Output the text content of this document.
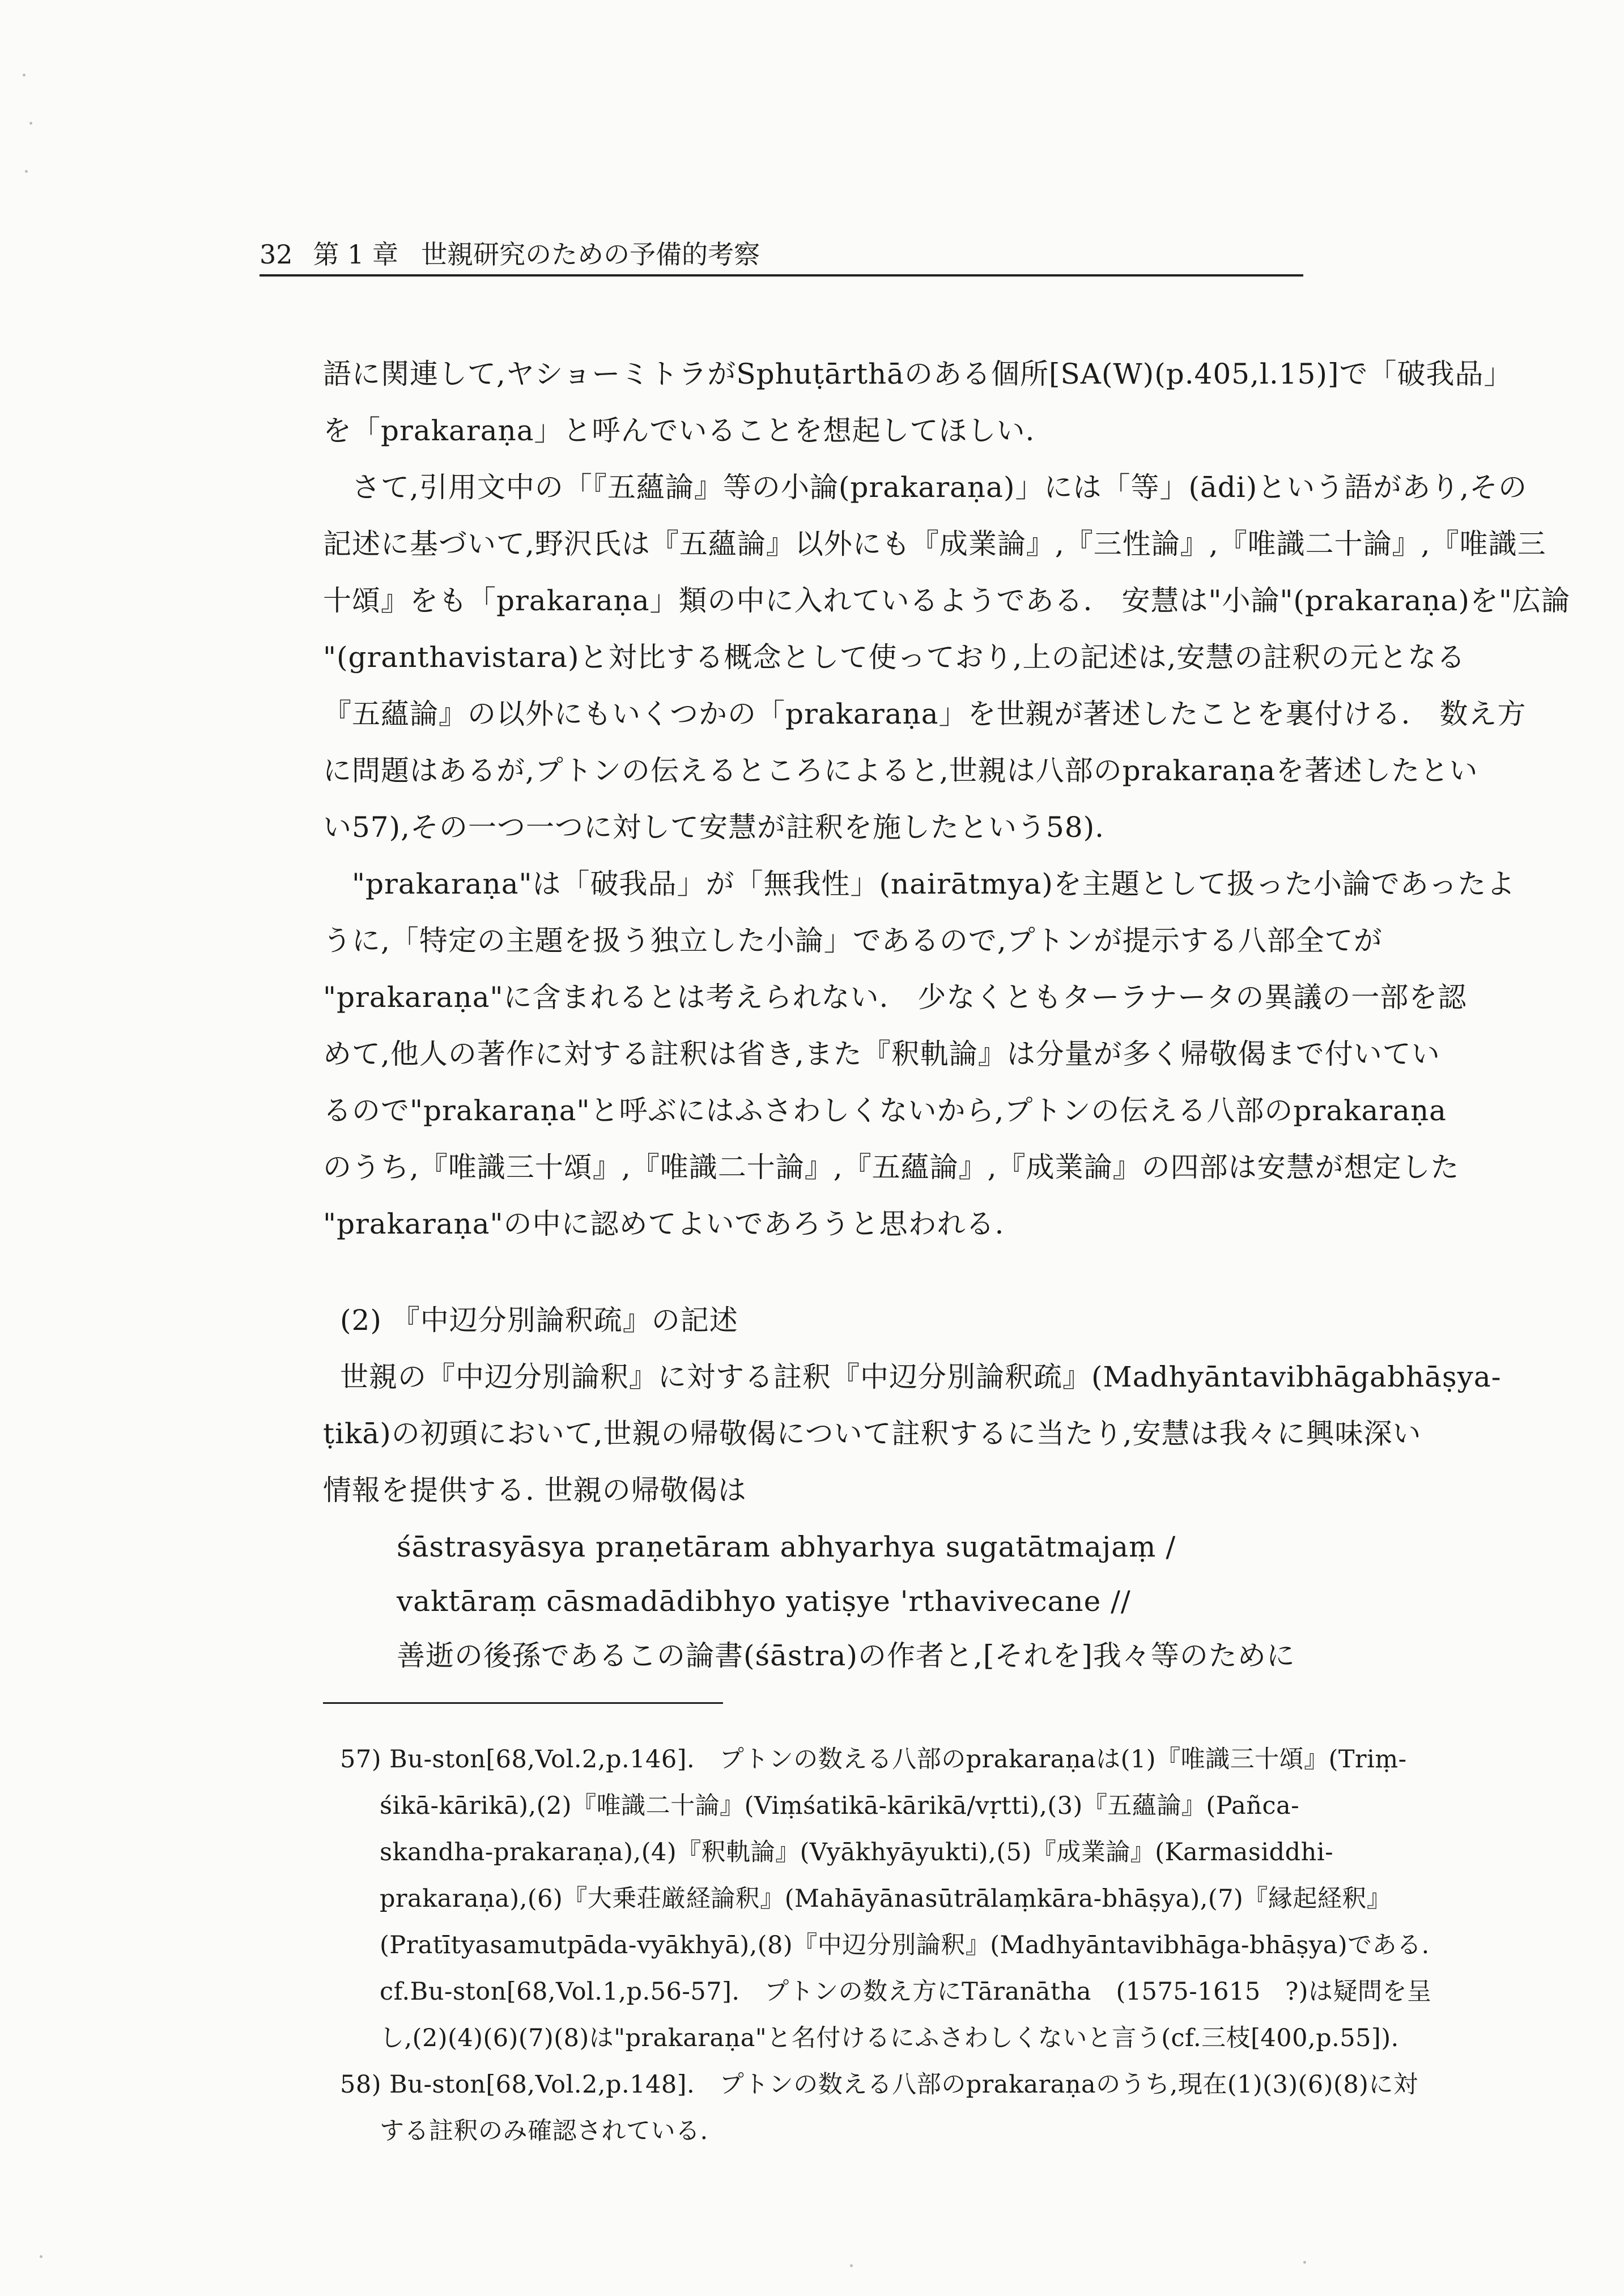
32 第 1 章 世親研究のための予備的考察
語に関連して,ヤショーミトラがSphuṭārthāのある個所[SA(W)(p.405,l.15)]で「破我品」
を「prakaraṇa」と呼んでいることを想起してほしい.
　さて,引用文中の「『五蘊論』等の小論(prakaraṇa)」には「等」(ādi)という語があり,その
記述に基づいて,野沢氏は『五蘊論』以外にも『成業論』,『三性論』,『唯識二十論』,『唯識三
十頌』をも「prakaraṇa」類の中に入れているようである.　安慧は"小論"(prakaraṇa)を"広論
"(granthavistara)と対比する概念として使っており,上の記述は,安慧の註釈の元となる
『五蘊論』の以外にもいくつかの「prakaraṇa」を世親が著述したことを裏付ける.　数え方
に問題はあるが,プトンの伝えるところによると,世親は八部のprakaraṇaを著述したとい
い57),その一つ一つに対して安慧が註釈を施したという58).
　"prakaraṇa"は「破我品」が「無我性」(nairātmya)を主題として扱った小論であったよ
うに,「特定の主題を扱う独立した小論」であるので,プトンが提示する八部全てが
"prakaraṇa"に含まれるとは考えられない.　少なくともターラナータの異議の一部を認
めて,他人の著作に対する註釈は省き,また『釈軌論』は分量が多く帰敬偈まで付いてい
るので"prakaraṇa"と呼ぶにはふさわしくないから,プトンの伝える八部のprakaraṇa
のうち,『唯識三十頌』,『唯識二十論』,『五蘊論』,『成業論』の四部は安慧が想定した
"prakaraṇa"の中に認めてよいであろうと思われる.
(2) 『中辺分別論釈疏』の記述
世親の『中辺分別論釈』に対する註釈『中辺分別論釈疏』(Madhyāntavibhāgabhāṣya-
ṭikā)の初頭において,世親の帰敬偈について註釈するに当たり,安慧は我々に興味深い
情報を提供する. 世親の帰敬偈は
śāstrasyāsya praṇetāram abhyarhya sugatātmajaṃ /
vaktāraṃ cāsmadādibhyo yatiṣye 'rthavivecane //
善逝の後孫であるこの論書(śāstra)の作者と,[それを]我々等のために
57) Bu-ston[68,Vol.2,p.146].　プトンの数える八部のprakaraṇaは(1)『唯識三十頌』(Triṃ-
śikā-kārikā),(2)『唯識二十論』(Viṃśatikā-kārikā/vṛtti),(3)『五蘊論』(Pañca-
skandha-prakaraṇa),(4)『釈軌論』(Vyākhyāyukti),(5)『成業論』(Karmasiddhi-
prakaraṇa),(6)『大乗荘厳経論釈』(Mahāyānasūtrālaṃkāra-bhāṣya),(7)『縁起経釈』
(Pratītyasamutpāda-vyākhyā),(8)『中辺分別論釈』(Madhyāntavibhāga-bhāṣya)である.
cf.Bu-ston[68,Vol.1,p.56-57].　プトンの数え方にTāranātha　(1575-1615　?)は疑問を呈
し,(2)(4)(6)(7)(8)は"prakaraṇa"と名付けるにふさわしくないと言う(cf.三枝[400,p.55]).
58) Bu-ston[68,Vol.2,p.148].　プトンの数える八部のprakaraṇaのうち,現在(1)(3)(6)(8)に対
する註釈のみ確認されている.
